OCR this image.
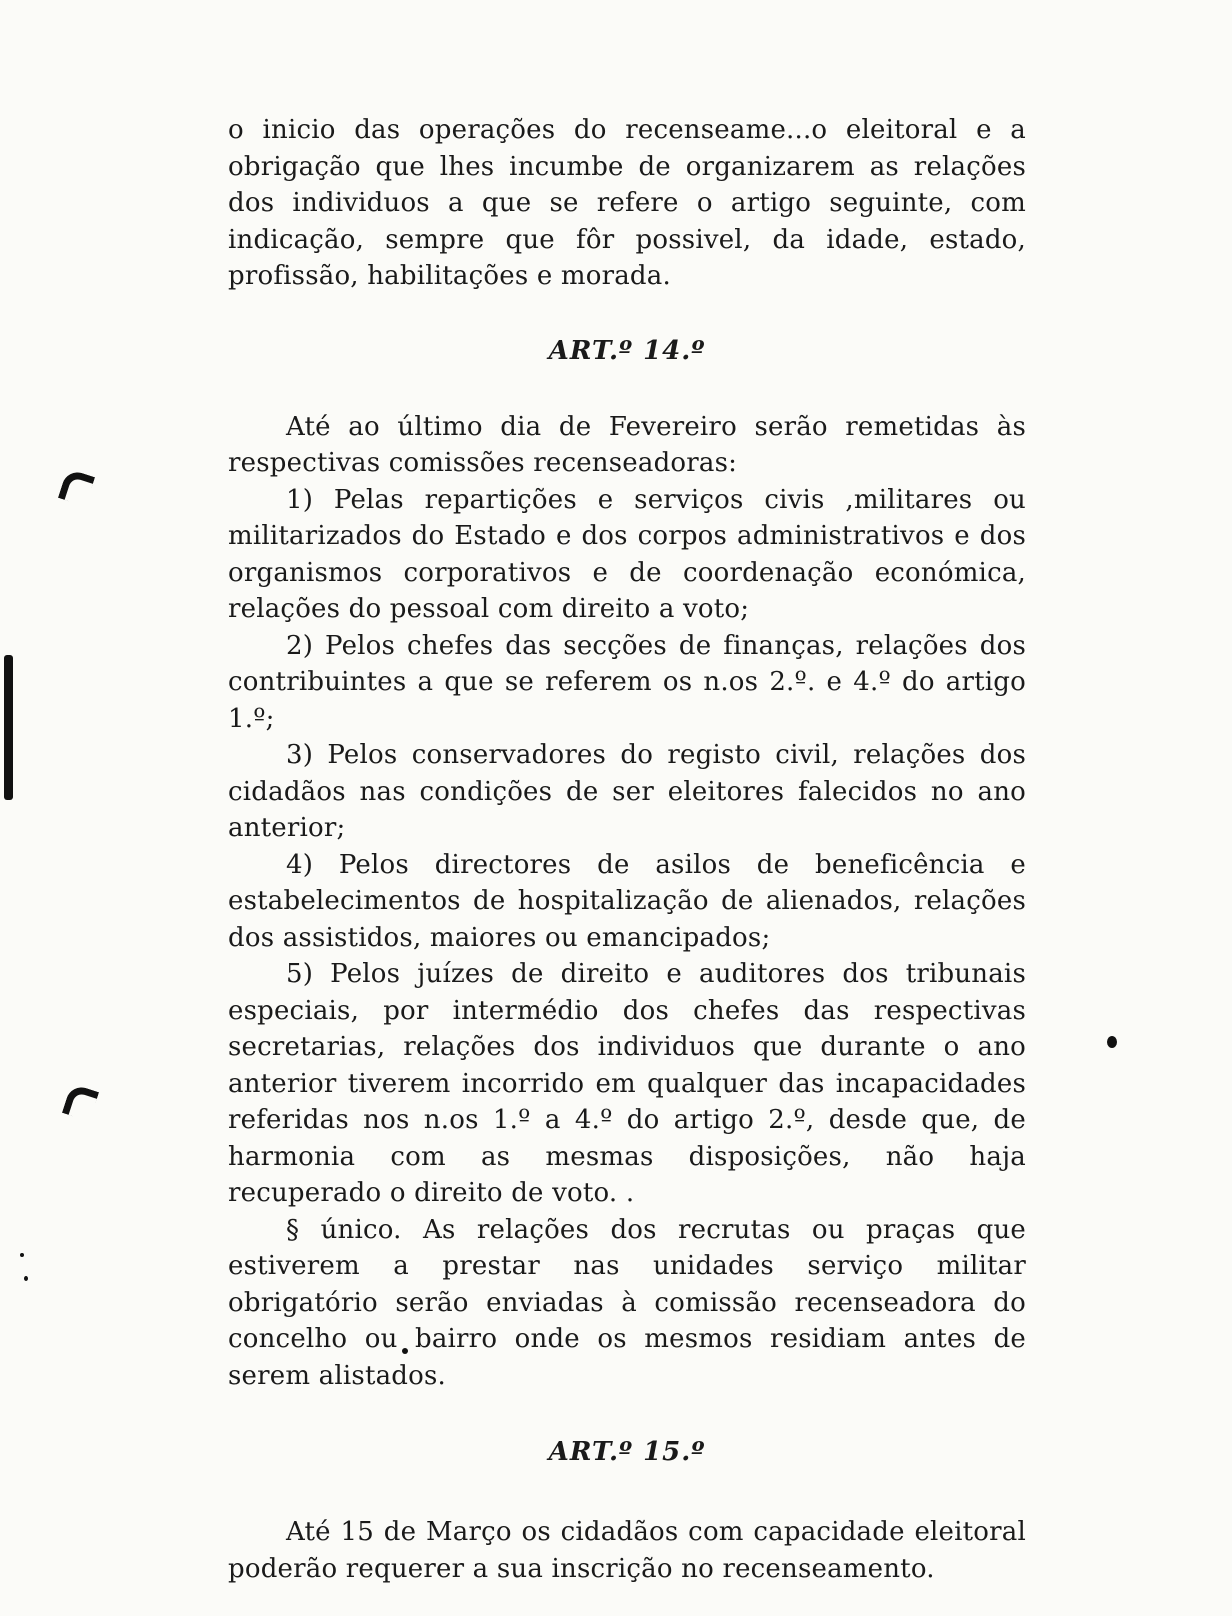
o inicio das operações do recenseame...o eleitoral e a obrigação que lhes incumbe de organizarem as relações dos individuos a que se refere o artigo seguinte, com indicação, sempre que fôr possivel, da idade, estado, profissão, habilitações e morada.

ART.º 14.º

Até ao último dia de Fevereiro serão remetidas às respectivas comissões recenseadoras:

1) Pelas repartições e serviços civis ,militares ou militarizados do Estado e dos corpos administrativos e dos organismos corporativos e de coordenação económica, relações do pessoal com direito a voto;

2) Pelos chefes das secções de finanças, relações dos contribuintes a que se referem os n.os 2.º. e 4.º do artigo 1.º;

3) Pelos conservadores do registo civil, relações dos cidadãos nas condições de ser eleitores falecidos no ano anterior;

4) Pelos directores de asilos de beneficência e estabelecimentos de hospitalização de alienados, relações dos assistidos, maiores ou emancipados;

5) Pelos juízes de direito e auditores dos tribunais especiais, por intermédio dos chefes das respectivas secretarias, relações dos individuos que durante o ano anterior tiverem incorrido em qualquer das incapacidades referidas nos n.os 1.º a 4.º do artigo 2.º, desde que, de harmonia com as mesmas disposições, não haja recuperado o direito de voto. .

§ único. As relações dos recrutas ou praças que estiverem a prestar nas unidades serviço militar obrigatório serão enviadas à comissão recenseadora do concelho ou bairro onde os mesmos residiam antes de serem alistados.

ART.º 15.º

Até 15 de Março os cidadãos com capacidade eleitoral poderão requerer a sua inscrição no recenseamento.
